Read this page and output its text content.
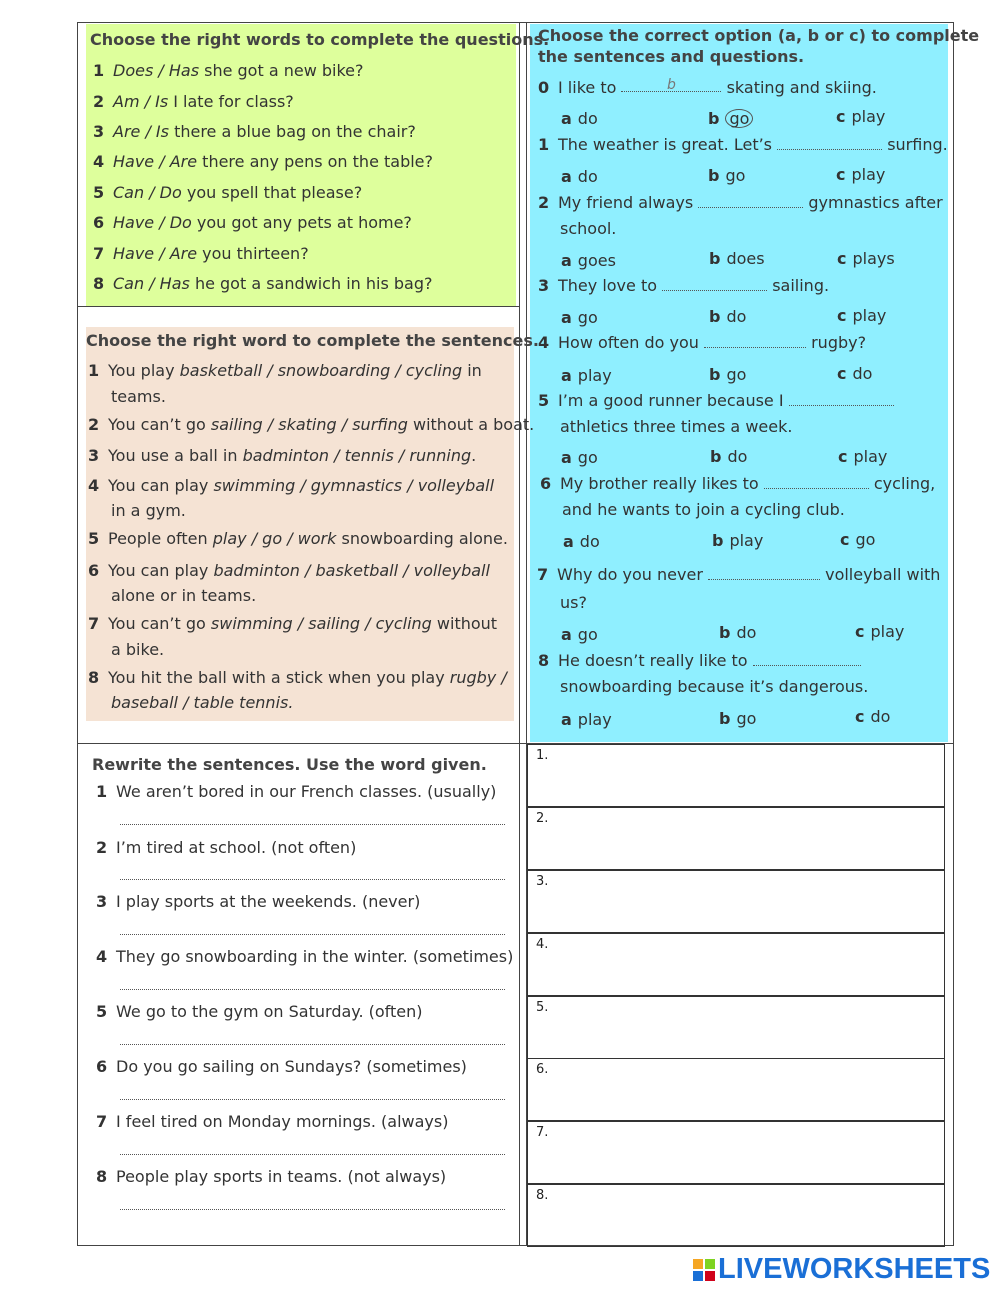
Choose the right words to complete the questions.
1 Does / Has she got a new bike?
2 Am / Is I late for class?
3 Are / Is there a blue bag on the chair?
4 Have / Are there any pens on the table?
5 Can / Do you spell that please?
6 Have / Do you got any pets at home?
7 Have / Are you thirteen?
8 Can / Has he got a sandwich in his bag?
Choose the right word to complete the sentences.
1 You play basketball / snowboarding / cycling in
teams.
2 You can’t go sailing / skating / surfing without a boat.
3 You use a ball in badminton / tennis / running.
4 You can play swimming / gymnastics / volleyball
in a gym.
5 People often play / go / work snowboarding alone.
6 You can play badminton / basketball / volleyball
alone or in teams.
7 You can’t go swimming / sailing / cycling without
a bike.
8 You hit the ball with a stick when you play rugby /
baseball / table tennis.
Choose the correct option (a, b or c) to complete
the sentences and questions.
0 I like to	b	skating and skiing.
a do	b go	c play
1 The weather is great. Let’s	surfing.
a do	b go	c play
2 My friend always	gymnastics after
school.
a goes	b does	c plays
3 They love to	sailing.
a go	b do	c play
4 How often do you	rugby?
a play	b go	c do
5 I’m a good runner because I
athletics three times a week.
a go	b do	c play
6 My brother really likes to	cycling,
and he wants to join a cycling club.
a do	b play	c go
7 Why do you never	volleyball with
us?
a go	b do	c play
8 He doesn’t really like to
snowboarding because it’s dangerous.
a play	b go	c do
Rewrite the sentences. Use the word given.
1 We aren’t bored in our French classes. (usually)
2 I’m tired at school. (not often)
3 I play sports at the weekends. (never)
4 They go snowboarding in the winter. (sometimes)
5 We go to the gym on Saturday. (often)
6 Do you go sailing on Sundays? (sometimes)
7 I feel tired on Monday mornings. (always)
8 People play sports in teams. (not always)
1.
2.
3.
4.
5.
6.
7.
8.
LIVEWORKSHEETS
